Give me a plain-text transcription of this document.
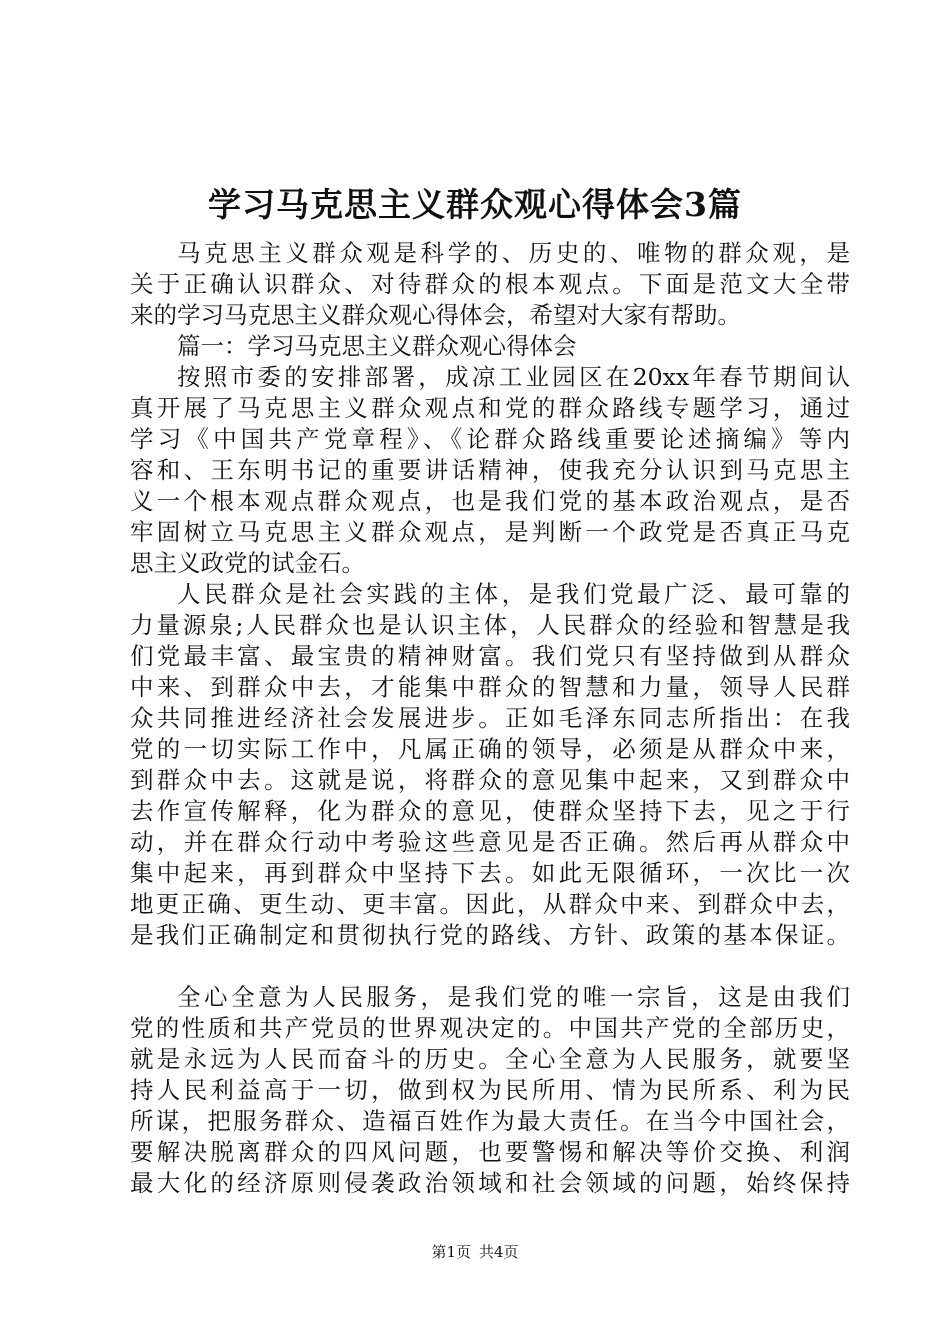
学习马克思主义群众观心得体会3篇
马克思主义群众观是科学的、历史的、唯物的群众观，是
关于正确认识群众、对待群众的根本观点。下面是范文大全带
来的学习马克思主义群众观心得体会，希望对大家有帮助。
篇一：学习马克思主义群众观心得体会
按照市委的安排部署，成凉工业园区在20xx年春节期间认
真开展了马克思主义群众观点和党的群众路线专题学习，通过
学习《中国共产党章程》、《论群众路线重要论述摘编》等内
容和、王东明书记的重要讲话精神，使我充分认识到马克思主
义一个根本观点群众观点，也是我们党的基本政治观点，是否
牢固树立马克思主义群众观点，是判断一个政党是否真正马克
思主义政党的试金石。
人民群众是社会实践的主体，是我们党最广泛、最可靠的
力量源泉;人民群众也是认识主体，人民群众的经验和智慧是我
们党最丰富、最宝贵的精神财富。我们党只有坚持做到从群众
中来、到群众中去，才能集中群众的智慧和力量，领导人民群
众共同推进经济社会发展进步。正如毛泽东同志所指出：在我
党的一切实际工作中，凡属正确的领导，必须是从群众中来，
到群众中去。这就是说，将群众的意见集中起来，又到群众中
去作宣传解释，化为群众的意见，使群众坚持下去，见之于行
动，并在群众行动中考验这些意见是否正确。然后再从群众中
集中起来，再到群众中坚持下去。如此无限循环，一次比一次
地更正确、更生动、更丰富。因此，从群众中来、到群众中去，
是我们正确制定和贯彻执行党的路线、方针、政策的基本保证。
全心全意为人民服务，是我们党的唯一宗旨，这是由我们
党的性质和共产党员的世界观决定的。中国共产党的全部历史，
就是永远为人民而奋斗的历史。全心全意为人民服务，就要坚
持人民利益高于一切，做到权为民所用、情为民所系、利为民
所谋，把服务群众、造福百姓作为最大责任。在当今中国社会，
要解决脱离群众的四风问题，也要警惕和解决等价交换、利润
最大化的经济原则侵袭政治领域和社会领域的问题，始终保持
第1页 共4页
